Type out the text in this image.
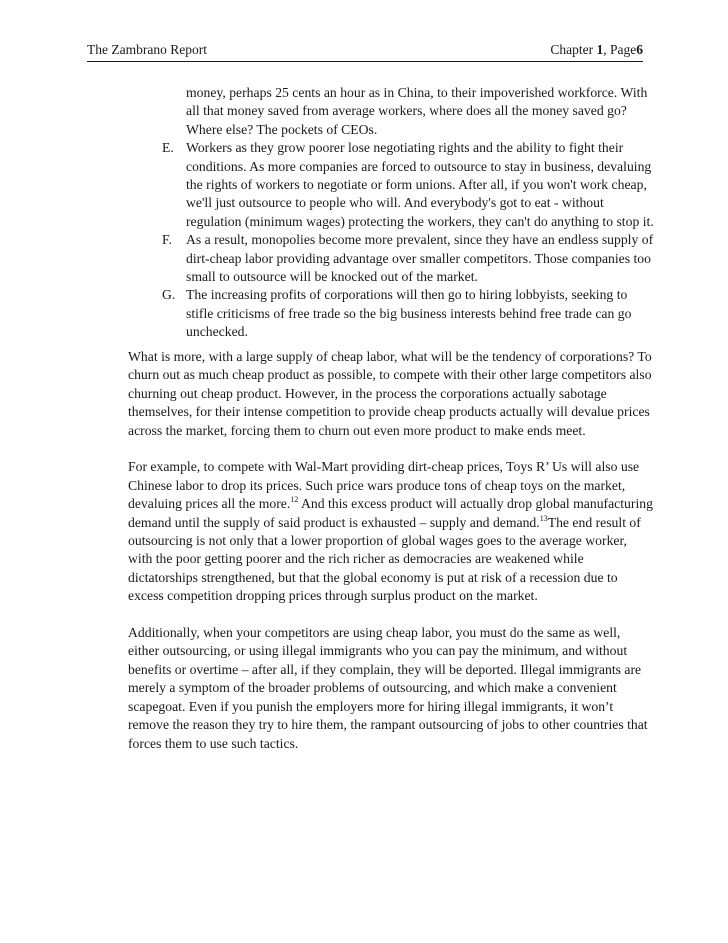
The Zambrano Report	Chapter 1, Page6
money, perhaps 25 cents an hour as in China, to their impoverished workforce. With all that money saved from average workers, where does all the money saved go? Where else? The pockets of CEOs.
E. Workers as they grow poorer lose negotiating rights and the ability to fight their conditions. As more companies are forced to outsource to stay in business, devaluing the rights of workers to negotiate or form unions. After all, if you won't work cheap, we'll just outsource to people who will. And everybody's got to eat - without regulation (minimum wages) protecting the workers, they can't do anything to stop it.
F. As a result, monopolies become more prevalent, since they have an endless supply of dirt-cheap labor providing advantage over smaller competitors. Those companies too small to outsource will be knocked out of the market.
G. The increasing profits of corporations will then go to hiring lobbyists, seeking to stifle criticisms of free trade so the big business interests behind free trade can go unchecked.

What is more, with a large supply of cheap labor, what will be the tendency of corporations? To churn out as much cheap product as possible, to compete with their other large competitors also churning out cheap product. However, in the process the corporations actually sabotage themselves, for their intense competition to provide cheap products actually will devalue prices across the market, forcing them to churn out even more product to make ends meet.

For example, to compete with Wal-Mart providing dirt-cheap prices, Toys R’ Us will also use Chinese labor to drop its prices. Such price wars produce tons of cheap toys on the market, devaluing prices all the more.$^{12}$ And this excess product will actually drop global manufacturing demand until the supply of said product is exhausted – supply and demand.$^{13}$The end result of outsourcing is not only that a lower proportion of global wages goes to the average worker, with the poor getting poorer and the rich richer as democracies are weakened while dictatorships strengthened, but that the global economy is put at risk of a recession due to excess competition dropping prices through surplus product on the market.

Additionally, when your competitors are using cheap labor, you must do the same as well, either outsourcing, or using illegal immigrants who you can pay the minimum, and without benefits or overtime – after all, if they complain, they will be deported. Illegal immigrants are merely a symptom of the broader problems of outsourcing, and which make a convenient scapegoat. Even if you punish the employers more for hiring illegal immigrants, it won’t remove the reason they try to hire them, the rampant outsourcing of jobs to other countries that forces them to use such tactics.
